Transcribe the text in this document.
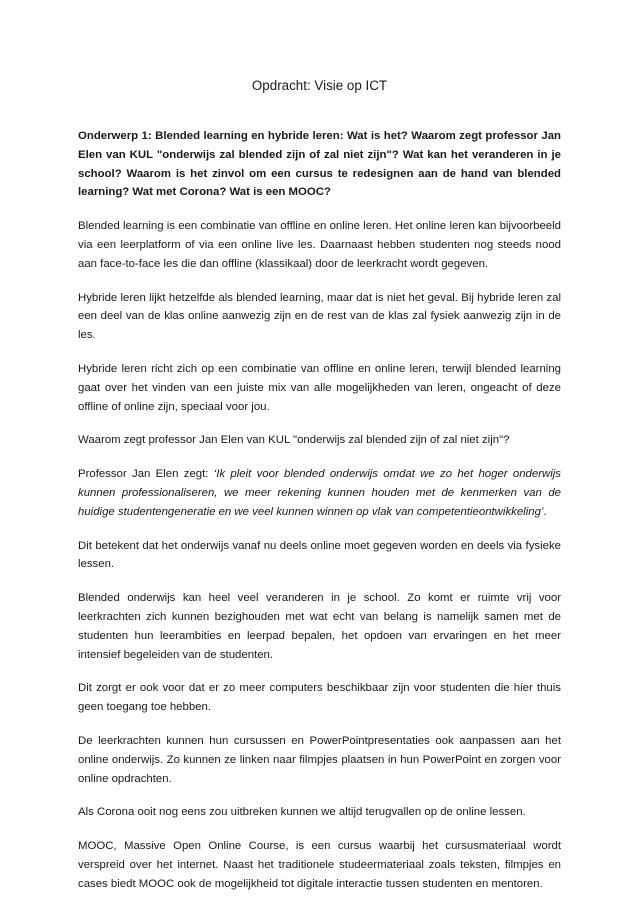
Opdracht: Visie op ICT

Onderwerp 1: Blended learning en hybride leren: Wat is het? Waarom zegt professor Jan Elen van KUL "onderwijs zal blended zijn of zal niet zijn"? Wat kan het veranderen in je school? Waarom is het zinvol om een cursus te redesignen aan de hand van blended learning? Wat met Corona? Wat is een MOOC?

Blended learning is een combinatie van offline en online leren. Het online leren kan bijvoorbeeld via een leerplatform of via een online live les. Daarnaast hebben studenten nog steeds nood aan face-to-face les die dan offline (klassikaal) door de leerkracht wordt gegeven.

Hybride leren lijkt hetzelfde als blended learning, maar dat is niet het geval. Bij hybride leren zal een deel van de klas online aanwezig zijn en de rest van de klas zal fysiek aanwezig zijn in de les.

Hybride leren richt zich op een combinatie van offline en online leren, terwijl blended learning gaat over het vinden van een juiste mix van alle mogelijkheden van leren, ongeacht of deze offline of online zijn, speciaal voor jou.

Waarom zegt professor Jan Elen van KUL "onderwijs zal blended zijn of zal niet zijn"?

Professor Jan Elen zegt: ‘Ik pleit voor blended onderwijs omdat we zo het hoger onderwijs kunnen professionaliseren, we meer rekening kunnen houden met de kenmerken van de huidige studentengeneratie en we veel kunnen winnen op vlak van competentieontwikkeling’.

Dit betekent dat het onderwijs vanaf nu deels online moet gegeven worden en deels via fysieke lessen.

Blended onderwijs kan heel veel veranderen in je school. Zo komt er ruimte vrij voor leerkrachten zich kunnen bezighouden met wat echt van belang is namelijk samen met de studenten hun leerambities en leerpad bepalen, het opdoen van ervaringen en het meer intensief begeleiden van de studenten.

Dit zorgt er ook voor dat er zo meer computers beschikbaar zijn voor studenten die hier thuis geen toegang toe hebben.

De leerkrachten kunnen hun cursussen en PowerPointpresentaties ook aanpassen aan het online onderwijs. Zo kunnen ze linken naar filmpjes plaatsen in hun PowerPoint en zorgen voor online opdrachten.

Als Corona ooit nog eens zou uitbreken kunnen we altijd terugvallen op de online lessen.

MOOC, Massive Open Online Course, is een cursus waarbij het cursusmateriaal wordt verspreid over het internet. Naast het traditionele studeermateriaal zoals teksten, filmpjes en cases biedt MOOC ook de mogelijkheid tot digitale interactie tussen studenten en mentoren.
